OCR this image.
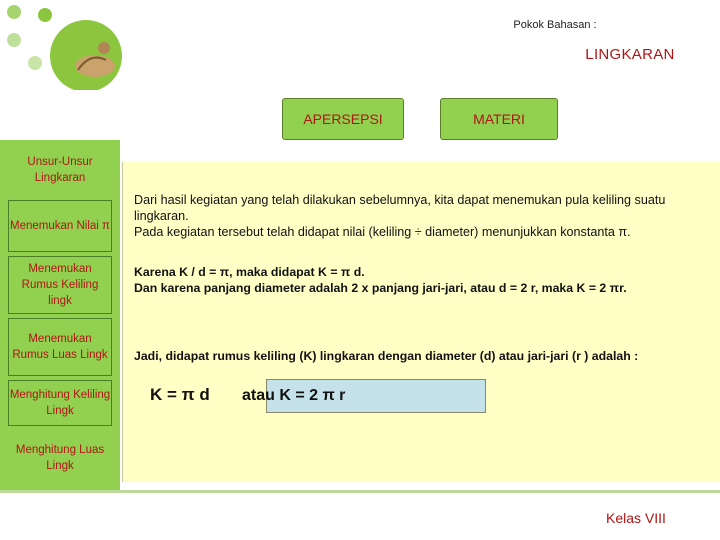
Pokok Bahasan :
LINGKARAN
APERSEPSI	MATERI
Unsur-Unsur Lingkaran
Menemukan Nilai π
Menemukan Rumus Keliling lingk
Menemukan Rumus Luas Lingk
Menghitung Keliling Lingk
Menghitung Luas Lingk
Dari hasil kegiatan yang telah dilakukan sebelumnya, kita dapat menemukan pula keliling suatu lingkaran.
Pada kegiatan tersebut telah didapat nilai (keliling ÷ diameter) menunjukkan konstanta π.
Karena K / d = π, maka didapat K = π d.
Dan karena panjang diameter adalah 2 x panjang jari-jari, atau d = 2 r, maka K = 2 πr.
Jadi, didapat rumus keliling (K) lingkaran dengan diameter (d) atau jari-jari (r ) adalah :
K = π d atau K = 2 π r
Kelas VIII
